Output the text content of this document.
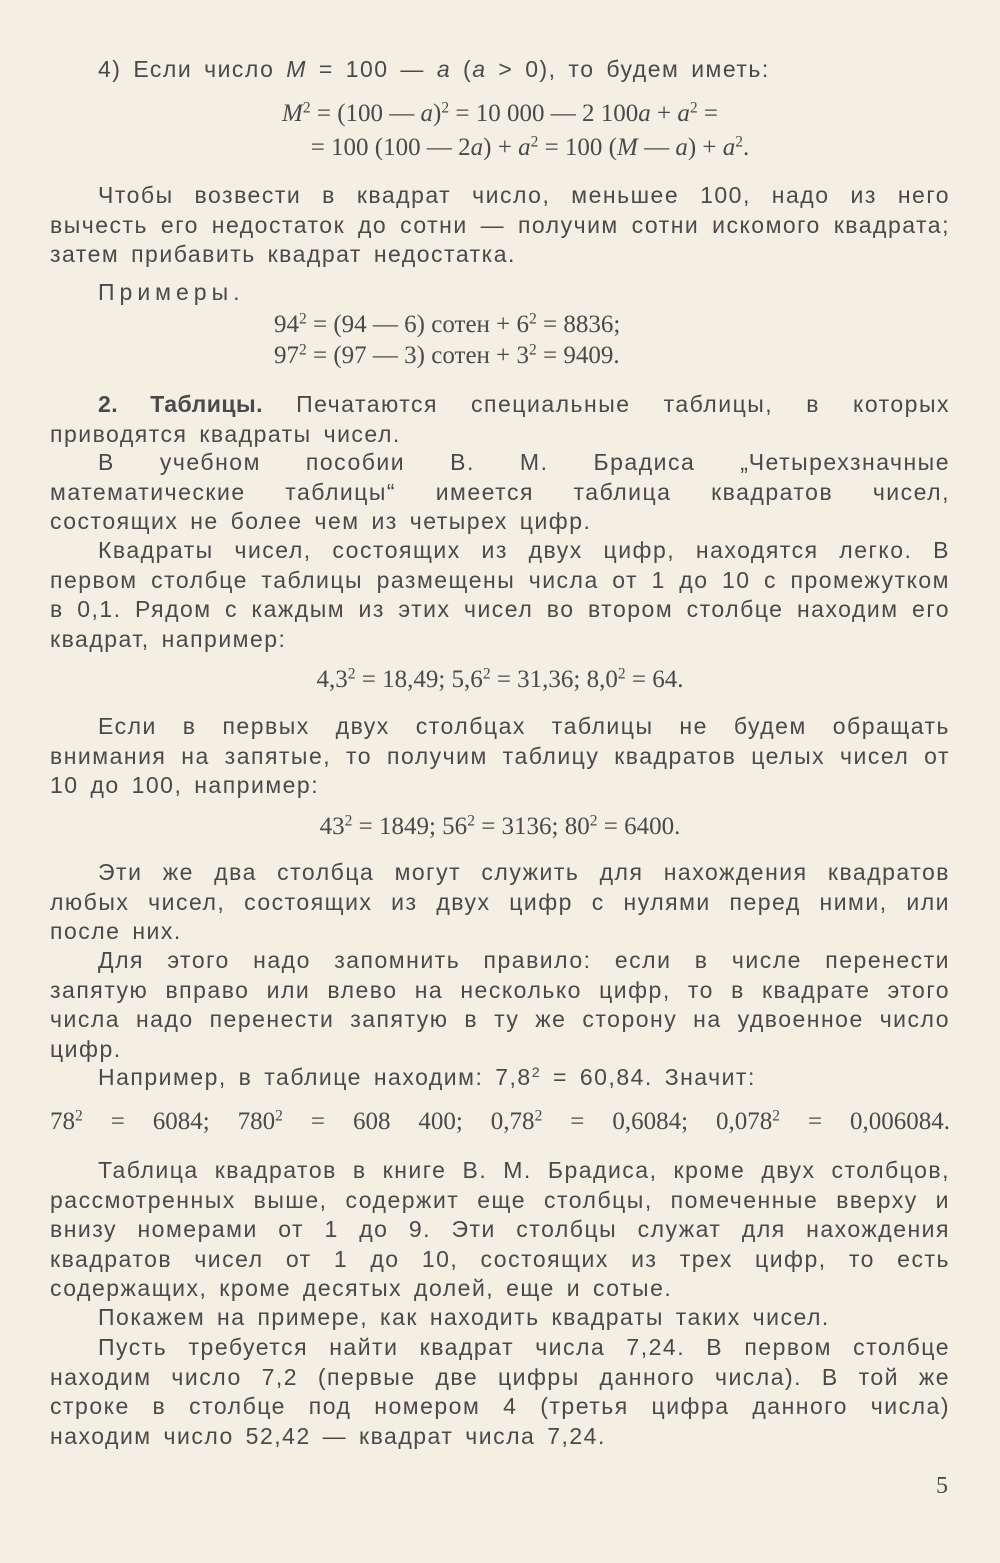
4) Если число M = 100 — a (a > 0), то будем иметь:

$M^2 = (100$ — a)$^2$ = 10 000 — 2 $100a + a^2$ =
= 100 (100 — $2a) + a^2 = 100$ (M — $a) + a^2$.

Чтобы возвести в квадрат число, меньшее 100, надо из него вычесть его недостаток до сотни — получим сотни искомого квадрата; затем прибавить квадрат недостатка.

Примеры.

$94^2 = (94$ — 6) сотен + $6^2 = 8836$;
$97^2 = (97$ — 3) сотен + $3^2 = 9409$.

2. Таблицы. Печатаются специальные таблицы, в которых приводятся квадраты чисел.

В учебном пособии В. М. Брадиса „Четырехзначные математические таблицы“ имеется таблица квадратов чисел, состоящих не более чем из четырех цифр.

Квадраты чисел, состоящих из двух цифр, находятся легко. В первом столбце таблицы размещены числа от 1 до 10 с промежутком в 0,1. Рядом с каждым из этих чисел во втором столбце находим его квадрат, например:

$4,3^2 = 18,49$; $5,6^2 = 31,36$; $8,0^2 = 64$.

Если в первых двух столбцах таблицы не будем обращать внимания на запятые, то получим таблицу квадратов целых чисел от 10 до 100, например:

$43^2 = 1849$; $56^2 = 3136$; $80^2 = 6400$.

Эти же два столбца могут служить для нахождения квадратов любых чисел, состоящих из двух цифр с нулями перед ними, или после них.

Для этого надо запомнить правило: если в числе перенести запятую вправо или влево на несколько цифр, то в квадрате этого числа надо перенести запятую в ту же сторону на удвоенное число цифр.

Например, в таблице находим: $7,8^2 = 60,84$. Значит:

$78^2 = 6084$; $780^2 = 608$ 400; $0,78^2 = 0,6084$; $0,078^2 = 0,006084$.

Таблица квадратов в книге В. М. Брадиса, кроме двух столбцов, рассмотренных выше, содержит еще столбцы, помеченные вверху и внизу номерами от 1 до 9. Эти столбцы служат для нахождения квадратов чисел от 1 до 10, состоящих из трех цифр, то есть содержащих, кроме десятых долей, еще и сотые.

Покажем на примере, как находить квадраты таких чисел.

Пусть требуется найти квадрат числа 7,24. В первом столбце находим число 7,2 (первые две цифры данного числа). В той же строке в столбце под номером 4 (третья цифра данного числа) находим число 52,42 — квадрат числа 7,24.

5
